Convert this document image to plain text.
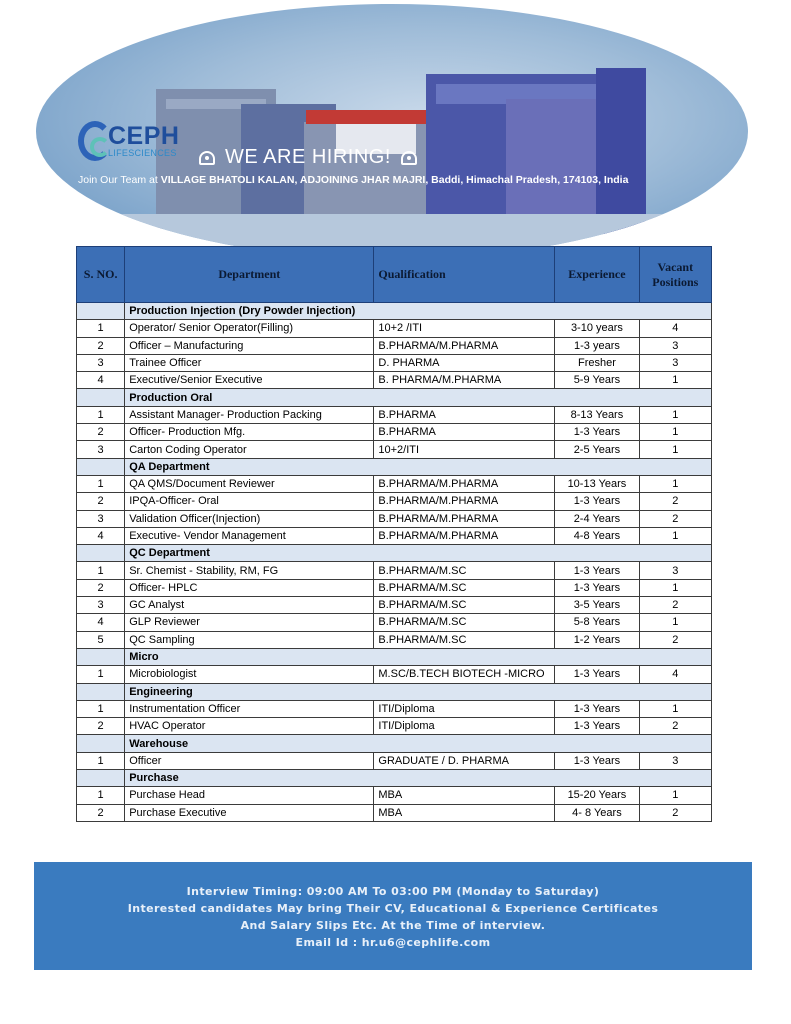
CEPH
LIFESCIENCES WE ARE HIRING!
Join Our Team at VILLAGE BHATOLI KALAN, ADJOINING JHAR MAJRI, Baddi, Himachal Pradesh, 174103, India
S. NO.	Department	Qualification	Experience	Vacant Positions
	Production Injection (Dry Powder Injection)			
1	Operator/ Senior Operator(Filling)	10+2 /ITI	3-10 years	4
2	Officer – Manufacturing	B.PHARMA/M.PHARMA	1-3 years	3
3	Trainee Officer	D. PHARMA	Fresher	3
4	Executive/Senior Executive	B. PHARMA/M.PHARMA	5-9 Years	1
	Production Oral			
1	Assistant Manager- Production Packing	B.PHARMA	8-13 Years	1
2	Officer- Production Mfg.	B.PHARMA	1-3 Years	1
3	Carton Coding Operator	10+2/ITI	2-5 Years	1
	QA Department			
1	QA QMS/Document Reviewer	B.PHARMA/M.PHARMA	10-13 Years	1
2	IPQA-Officer- Oral	B.PHARMA/M.PHARMA	1-3 Years	2
3	Validation Officer(Injection)	B.PHARMA/M.PHARMA	2-4 Years	2
4	Executive- Vendor Management	B.PHARMA/M.PHARMA	4-8 Years	1
	QC Department			
1	Sr. Chemist - Stability, RM, FG	B.PHARMA/M.SC	1-3 Years	3
2	Officer- HPLC	B.PHARMA/M.SC	1-3 Years	1
3	GC Analyst	B.PHARMA/M.SC	3-5 Years	2
4	GLP Reviewer	B.PHARMA/M.SC	5-8 Years	1
5	QC Sampling	B.PHARMA/M.SC	1-2 Years	2
	Micro			
1	Microbiologist	M.SC/B.TECH BIOTECH -MICRO	1-3 Years	4
	Engineering			
1	Instrumentation Officer	ITI/Diploma	1-3 Years	1
2	HVAC Operator	ITI/Diploma	1-3 Years	2
	Warehouse			
1	Officer	GRADUATE / D. PHARMA	1-3 Years	3
	Purchase			
1	Purchase Head	MBA	15-20 Years	1
2	Purchase Executive	MBA	4- 8 Years	2

Interview Timing: 09:00 AM To 03:00 PM (Monday to Saturday)

Interested candidates May bring Their CV, Educational & Experience Certificates

And Salary Slips Etc. At the Time of interview.

Email Id : hr.u6@cephlife.com
